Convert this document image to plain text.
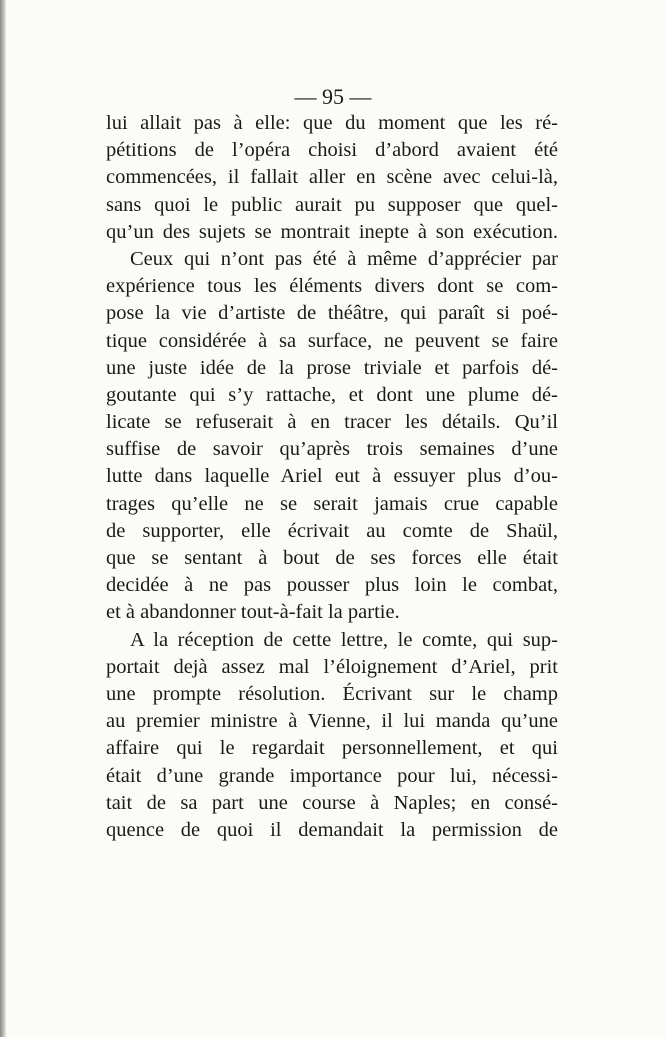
— 95 —
lui allait pas à elle: que du moment que les ré-
pétitions de l’opéra choisi d’abord avaient été
commencées, il fallait aller en scène avec celui-là,
sans quoi le public aurait pu supposer que quel-
qu’un des sujets se montrait inepte à son exécution.
Ceux qui n’ont pas été à même d’apprécier par
expérience tous les éléments divers dont se com-
pose la vie d’artiste de théâtre, qui paraît si poé-
tique considérée à sa surface, ne peuvent se faire
une juste idée de la prose triviale et parfois dé-
goutante qui s’y rattache, et dont une plume dé-
licate se refuserait à en tracer les détails. Qu’il
suffise de savoir qu’après trois semaines d’une
lutte dans laquelle Ariel eut à essuyer plus d’ou-
trages qu’elle ne se serait jamais crue capable
de supporter, elle écrivait au comte de Shaül,
que se sentant à bout de ses forces elle était
decidée à ne pas pousser plus loin le combat,
et à abandonner tout-à-fait la partie.
A la réception de cette lettre, le comte, qui sup-
portait dejà assez mal l’éloignement d’Ariel, prit
une prompte résolution. Écrivant sur le champ
au premier ministre à Vienne, il lui manda qu’une
affaire qui le regardait personnellement, et qui
était d’une grande importance pour lui, nécessi-
tait de sa part une course à Naples; en consé-
quence de quoi il demandait la permission de
